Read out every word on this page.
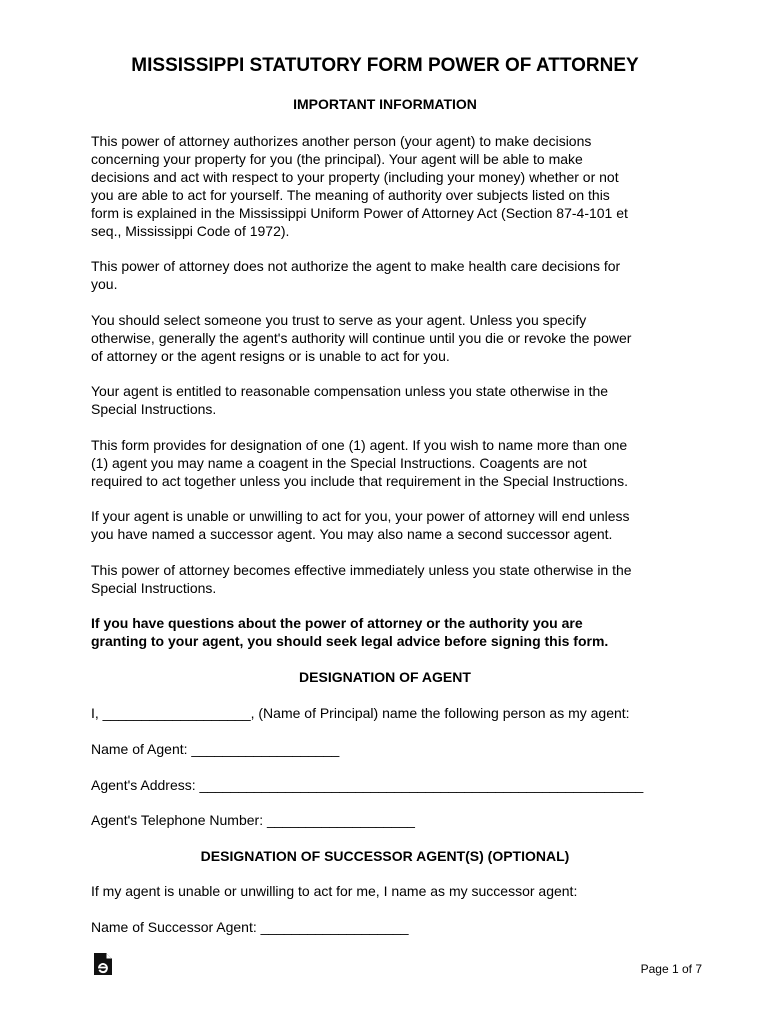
MISSISSIPPI STATUTORY FORM POWER OF ATTORNEY
IMPORTANT INFORMATION
This power of attorney authorizes another person (your agent) to make decisions
concerning your property for you (the principal). Your agent will be able to make
decisions and act with respect to your property (including your money) whether or not
you are able to act for yourself. The meaning of authority over subjects listed on this
form is explained in the Mississippi Uniform Power of Attorney Act (Section 87-4-101 et
seq., Mississippi Code of 1972).
This power of attorney does not authorize the agent to make health care decisions for
you.
You should select someone you trust to serve as your agent. Unless you specify
otherwise, generally the agent's authority will continue until you die or revoke the power
of attorney or the agent resigns or is unable to act for you.
Your agent is entitled to reasonable compensation unless you state otherwise in the
Special Instructions.
This form provides for designation of one (1) agent. If you wish to name more than one
(1) agent you may name a coagent in the Special Instructions. Coagents are not
required to act together unless you include that requirement in the Special Instructions.
If your agent is unable or unwilling to act for you, your power of attorney will end unless
you have named a successor agent. You may also name a second successor agent.
This power of attorney becomes effective immediately unless you state otherwise in the
Special Instructions.
If you have questions about the power of attorney or the authority you are
granting to your agent, you should seek legal advice before signing this form.
DESIGNATION OF AGENT
I, ___________________, (Name of Principal) name the following person as my agent:
Name of Agent: ___________________
Agent's Address: _________________________________________________________
Agent's Telephone Number: ___________________
DESIGNATION OF SUCCESSOR AGENT(S) (OPTIONAL)
If my agent is unable or unwilling to act for me, I name as my successor agent:
Name of Successor Agent: ___________________
Page 1 of 7
